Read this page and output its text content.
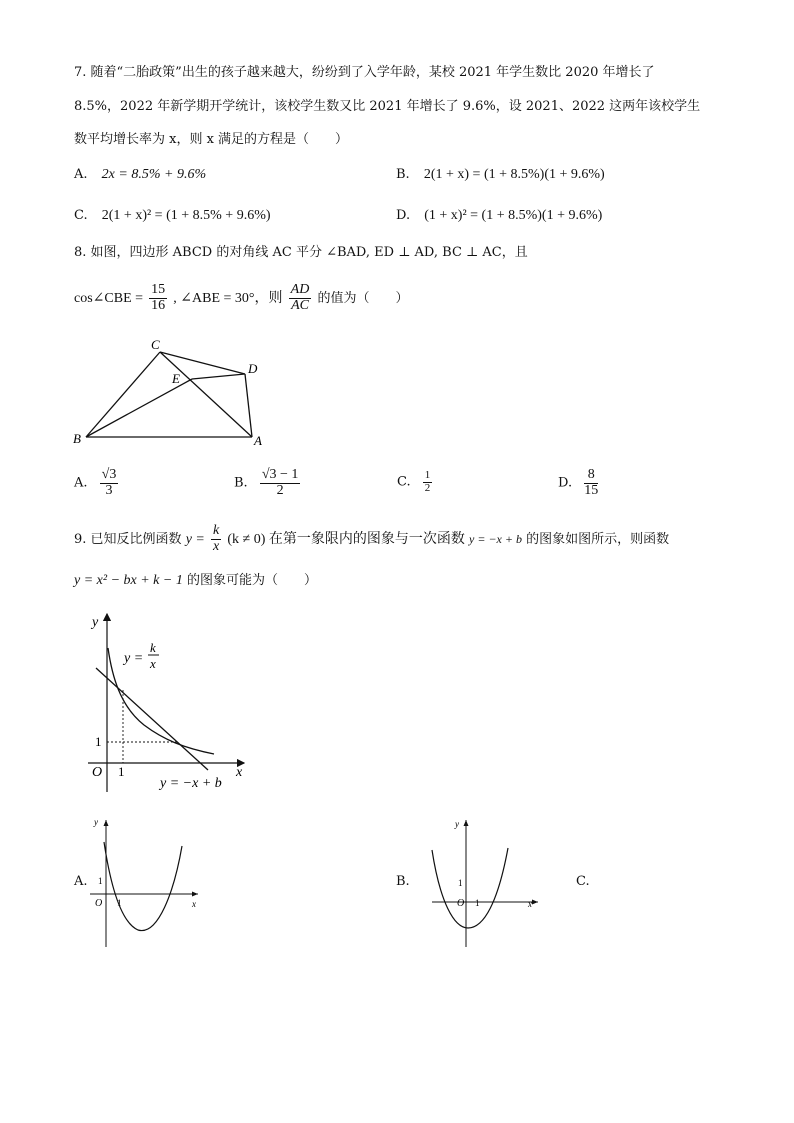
7. 随着“二胎政策”出生的孩子越来越大，纷纷到了入学年龄，某校 2021 年学生数比 2020 年增长了
8.5%，2022 年新学期开学统计，该校学生数又比 2021 年增长了 9.6%，设 2021、2022 这两年该校学生
数平均增长率为 x，则 x 满足的方程是（　　）
A. 2x = 8.5% + 9.6%	B. 2(1 + x) = (1 + 8.5%)(1 + 9.6%)
C. 2(1 + x)² = (1 + 8.5% + 9.6%)	D. (1 + x)² = (1 + 8.5%)(1 + 9.6%)
8. 如图，四边形 ABCD 的对角线 AC 平分 ∠BAD, ED ⊥ AD, BC ⊥ AC，且
cos∠CBE = $\frac{15}{16}$ , ∠ABE = 30°，则 $\frac{AD}{AC}$ 的值为（　　）
C
E
D
B	A
A. $\frac{√3}{3}$	B. $\frac{√3 - 1}{2}$	C. $\frac{1}{2}$	D. $\frac{8}{15}$
9. 已知反比例函数 $y = \frac{k}{x} (k \ne 0)$ 在第一象限内的图象与一次函数 y = −x + b 的图象如图所示，则函数
y = x² − bx + k − 1 的图象可能为（　　）
y
x
O 1
1
y =
k
x
y = −x + b
A.
y
x
O 1
1	B.
y
x
O 1
1	C.
